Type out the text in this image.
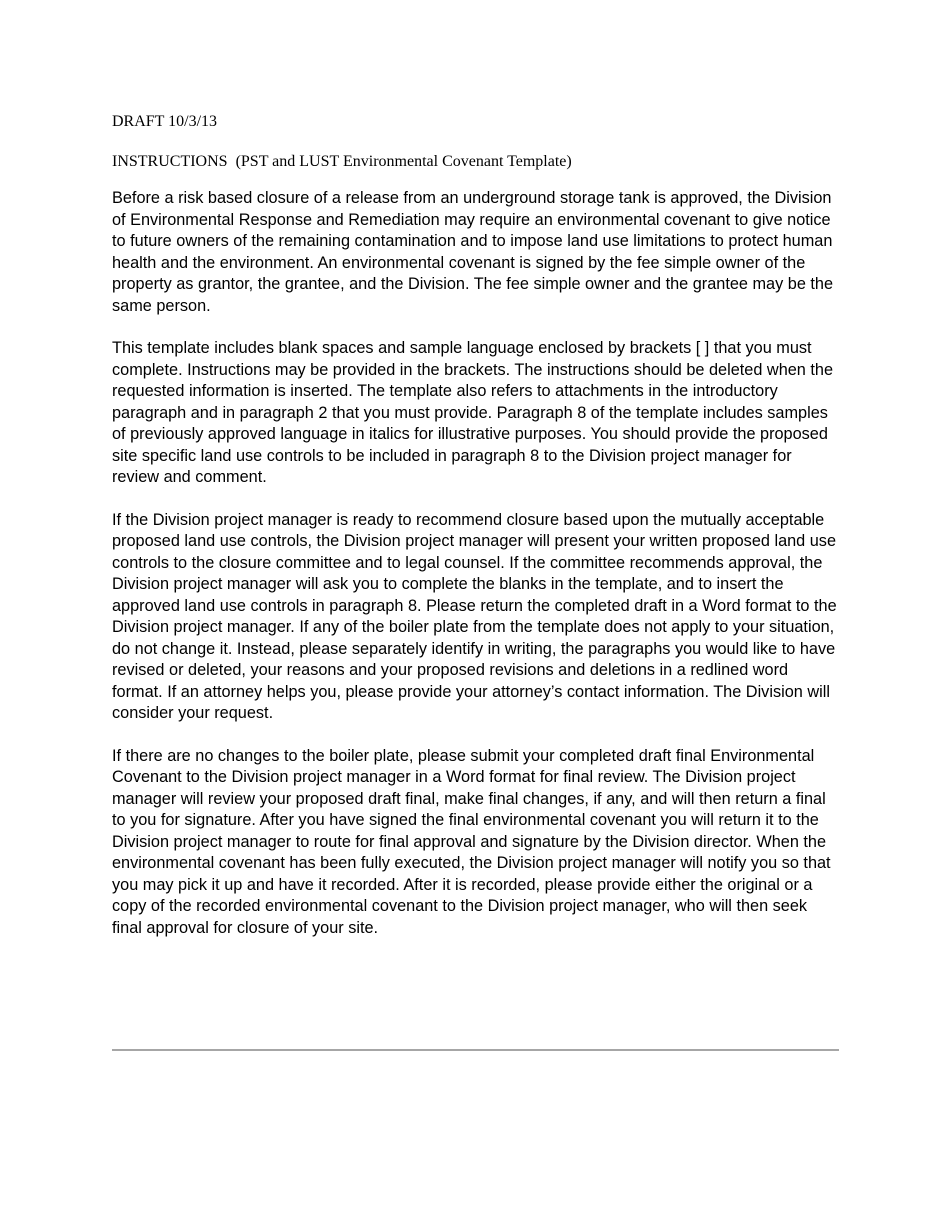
DRAFT 10/3/13

INSTRUCTIONS  (PST and LUST Environmental Covenant Template)

Before a risk based closure of a release from an underground storage tank is approved, the Division of Environmental Response and Remediation may require an environmental covenant to give notice to future owners of the remaining contamination and to impose land use limitations to protect human health and the environment. An environmental covenant is signed by the fee simple owner of the property as grantor, the grantee, and the Division. The fee simple owner and the grantee may be the same person.

This template includes blank spaces and sample language enclosed by brackets [ ] that you must complete. Instructions may be provided in the brackets. The instructions should be deleted when the requested information is inserted. The template also refers to attachments in the introductory paragraph and in paragraph 2 that you must provide. Paragraph 8 of the template includes samples of previously approved language in italics for illustrative purposes. You should provide the proposed site specific land use controls to be included in paragraph 8 to the Division project manager for review and comment.

If the Division project manager is ready to recommend closure based upon the mutually acceptable proposed land use controls, the Division project manager will present your written proposed land use controls to the closure committee and to legal counsel. If the committee recommends approval, the Division project manager will ask you to complete the blanks in the template, and to insert the approved land use controls in paragraph 8. Please return the completed draft in a Word format to the Division project manager. If any of the boiler plate from the template does not apply to your situation, do not change it. Instead, please separately identify in writing, the paragraphs you would like to have revised or deleted, your reasons and your proposed revisions and deletions in a redlined word format. If an attorney helps you, please provide your attorney’s contact information. The Division will consider your request.

If there are no changes to the boiler plate, please submit your completed draft final Environmental Covenant to the Division project manager in a Word format for final review. The Division project manager will review your proposed draft final, make final changes, if any, and will then return a final to you for signature. After you have signed the final environmental covenant you will return it to the Division project manager to route for final approval and signature by the Division director. When the environmental covenant has been fully executed, the Division project manager will notify you so that you may pick it up and have it recorded. After it is recorded, please provide either the original or a copy of the recorded environmental covenant to the Division project manager, who will then seek final approval for closure of your site.
